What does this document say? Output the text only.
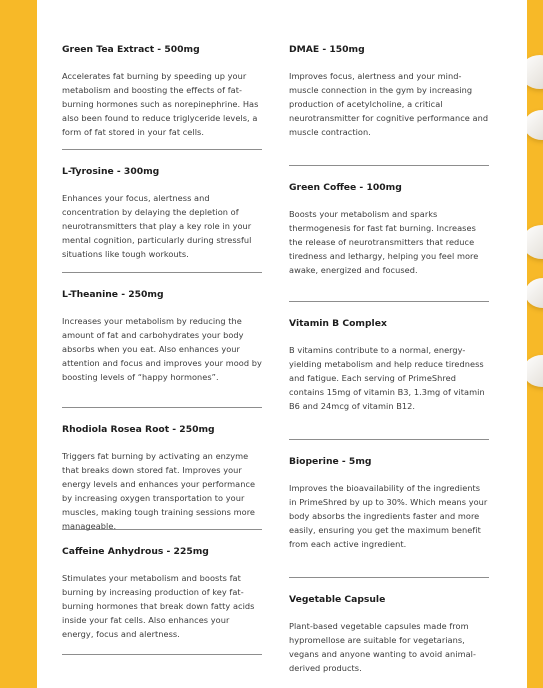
Green Tea Extract - 500mg

Accelerates fat burning by speeding up your metabolism and boosting the effects of fat-burning hormones such as norepinephrine. Has also been found to reduce triglyceride levels, a form of fat stored in your fat cells.

L-Tyrosine - 300mg

Enhances your focus, alertness and concentration by delaying the depletion of neurotransmitters that play a key role in your mental cognition, particularly during stressful situations like tough workouts.

L-Theanine - 250mg

Increases your metabolism by reducing the amount of fat and carbohydrates your body absorbs when you eat. Also enhances your attention and focus and improves your mood by boosting levels of “happy hormones”.

Rhodiola Rosea Root - 250mg

Triggers fat burning by activating an enzyme that breaks down stored fat. Improves your energy levels and enhances your performance by increasing oxygen transportation to your muscles, making tough training sessions more manageable.

Caffeine Anhydrous - 225mg

Stimulates your metabolism and boosts fat burning by increasing production of key fat-burning hormones that break down fatty acids inside your fat cells. Also enhances your energy, focus and alertness.

DMAE - 150mg

Improves focus, alertness and your mind-muscle connection in the gym by increasing production of acetylcholine, a critical neurotransmitter for cognitive performance and muscle contraction.

Green Coffee - 100mg

Boosts your metabolism and sparks thermogenesis for fast fat burning. Increases the release of neurotransmitters that reduce tiredness and lethargy, helping you feel more awake, energized and focused.

Vitamin B Complex

B vitamins contribute to a normal, energy-yielding metabolism and help reduce tiredness and fatigue. Each serving of PrimeShred contains 15mg of vitamin B3, 1.3mg of vitamin B6 and 24mcg of vitamin B12.

Bioperine - 5mg

Improves the bioavailability of the ingredients in PrimeShred by up to 30%. Which means your body absorbs the ingredients faster and more easily, ensuring you get the maximum benefit from each active ingredient.

Vegetable Capsule

Plant-based vegetable capsules made from hypromellose are suitable for vegetarians, vegans and anyone wanting to avoid animal-derived products.
